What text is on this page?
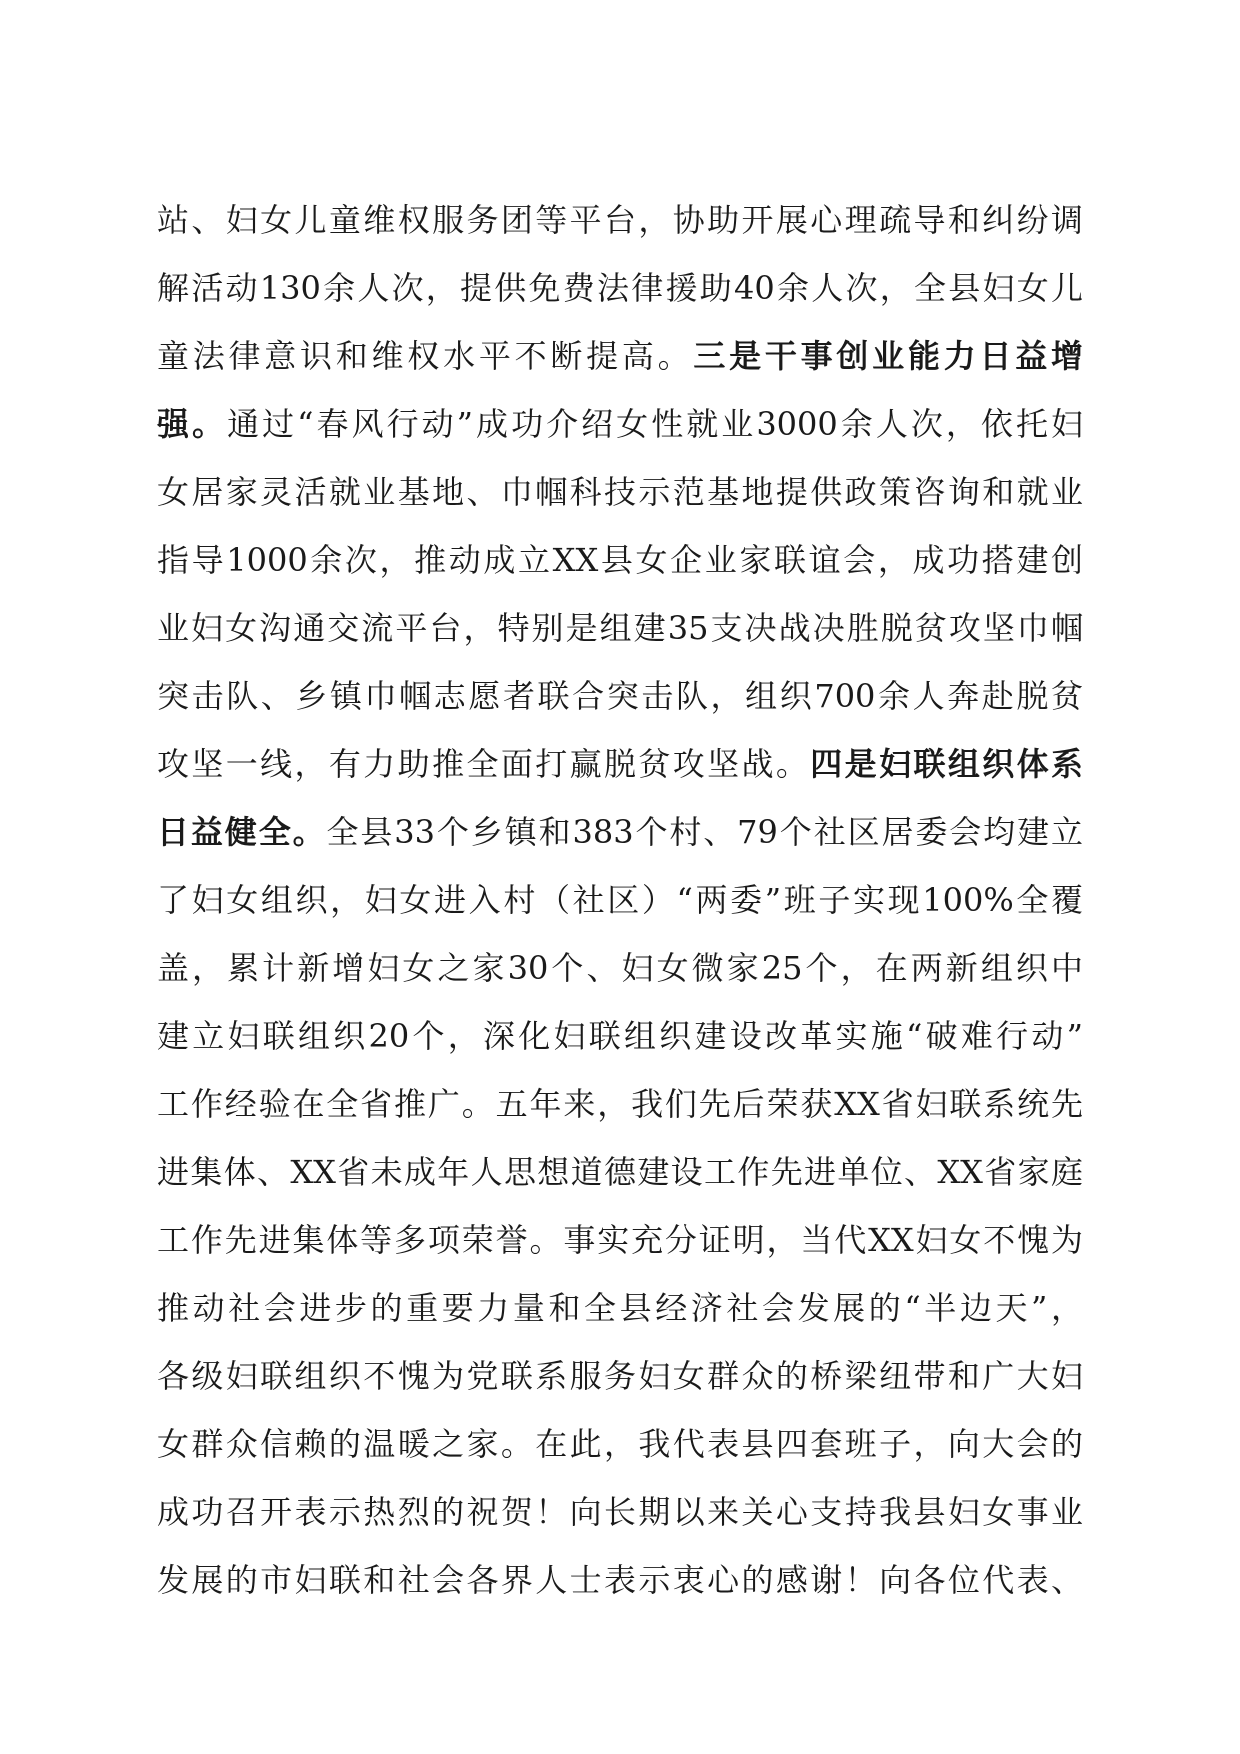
站、妇女儿童维权服务团等平台，协助开展心理疏导和纠纷调
解活动130余人次，提供免费法律援助40余人次，全县妇女儿
童法律意识和维权水平不断提高。三是干事创业能力日益增
强。通过“春风行动”成功介绍女性就业3000余人次，依托妇
女居家灵活就业基地、巾帼科技示范基地提供政策咨询和就业
指导1000余次，推动成立XX县女企业家联谊会，成功搭建创
业妇女沟通交流平台，特别是组建35支决战决胜脱贫攻坚巾帼
突击队、乡镇巾帼志愿者联合突击队，组织700余人奔赴脱贫
攻坚一线，有力助推全面打赢脱贫攻坚战。四是妇联组织体系
日益健全。全县33个乡镇和383个村、79个社区居委会均建立
了妇女组织，妇女进入村（社区）“两委”班子实现100%全覆
盖，累计新增妇女之家30个、妇女微家25个，在两新组织中
建立妇联组织20个，深化妇联组织建设改革实施“破难行动”
工作经验在全省推广。五年来，我们先后荣获XX省妇联系统先
进集体、XX省未成年人思想道德建设工作先进单位、XX省家庭
工作先进集体等多项荣誉。事实充分证明，当代XX妇女不愧为
推动社会进步的重要力量和全县经济社会发展的“半边天”，
各级妇联组织不愧为党联系服务妇女群众的桥梁纽带和广大妇
女群众信赖的温暖之家。在此，我代表县四套班子，向大会的
成功召开表示热烈的祝贺！向长期以来关心支持我县妇女事业
发展的市妇联和社会各界人士表示衷心的感谢！向各位代表、
